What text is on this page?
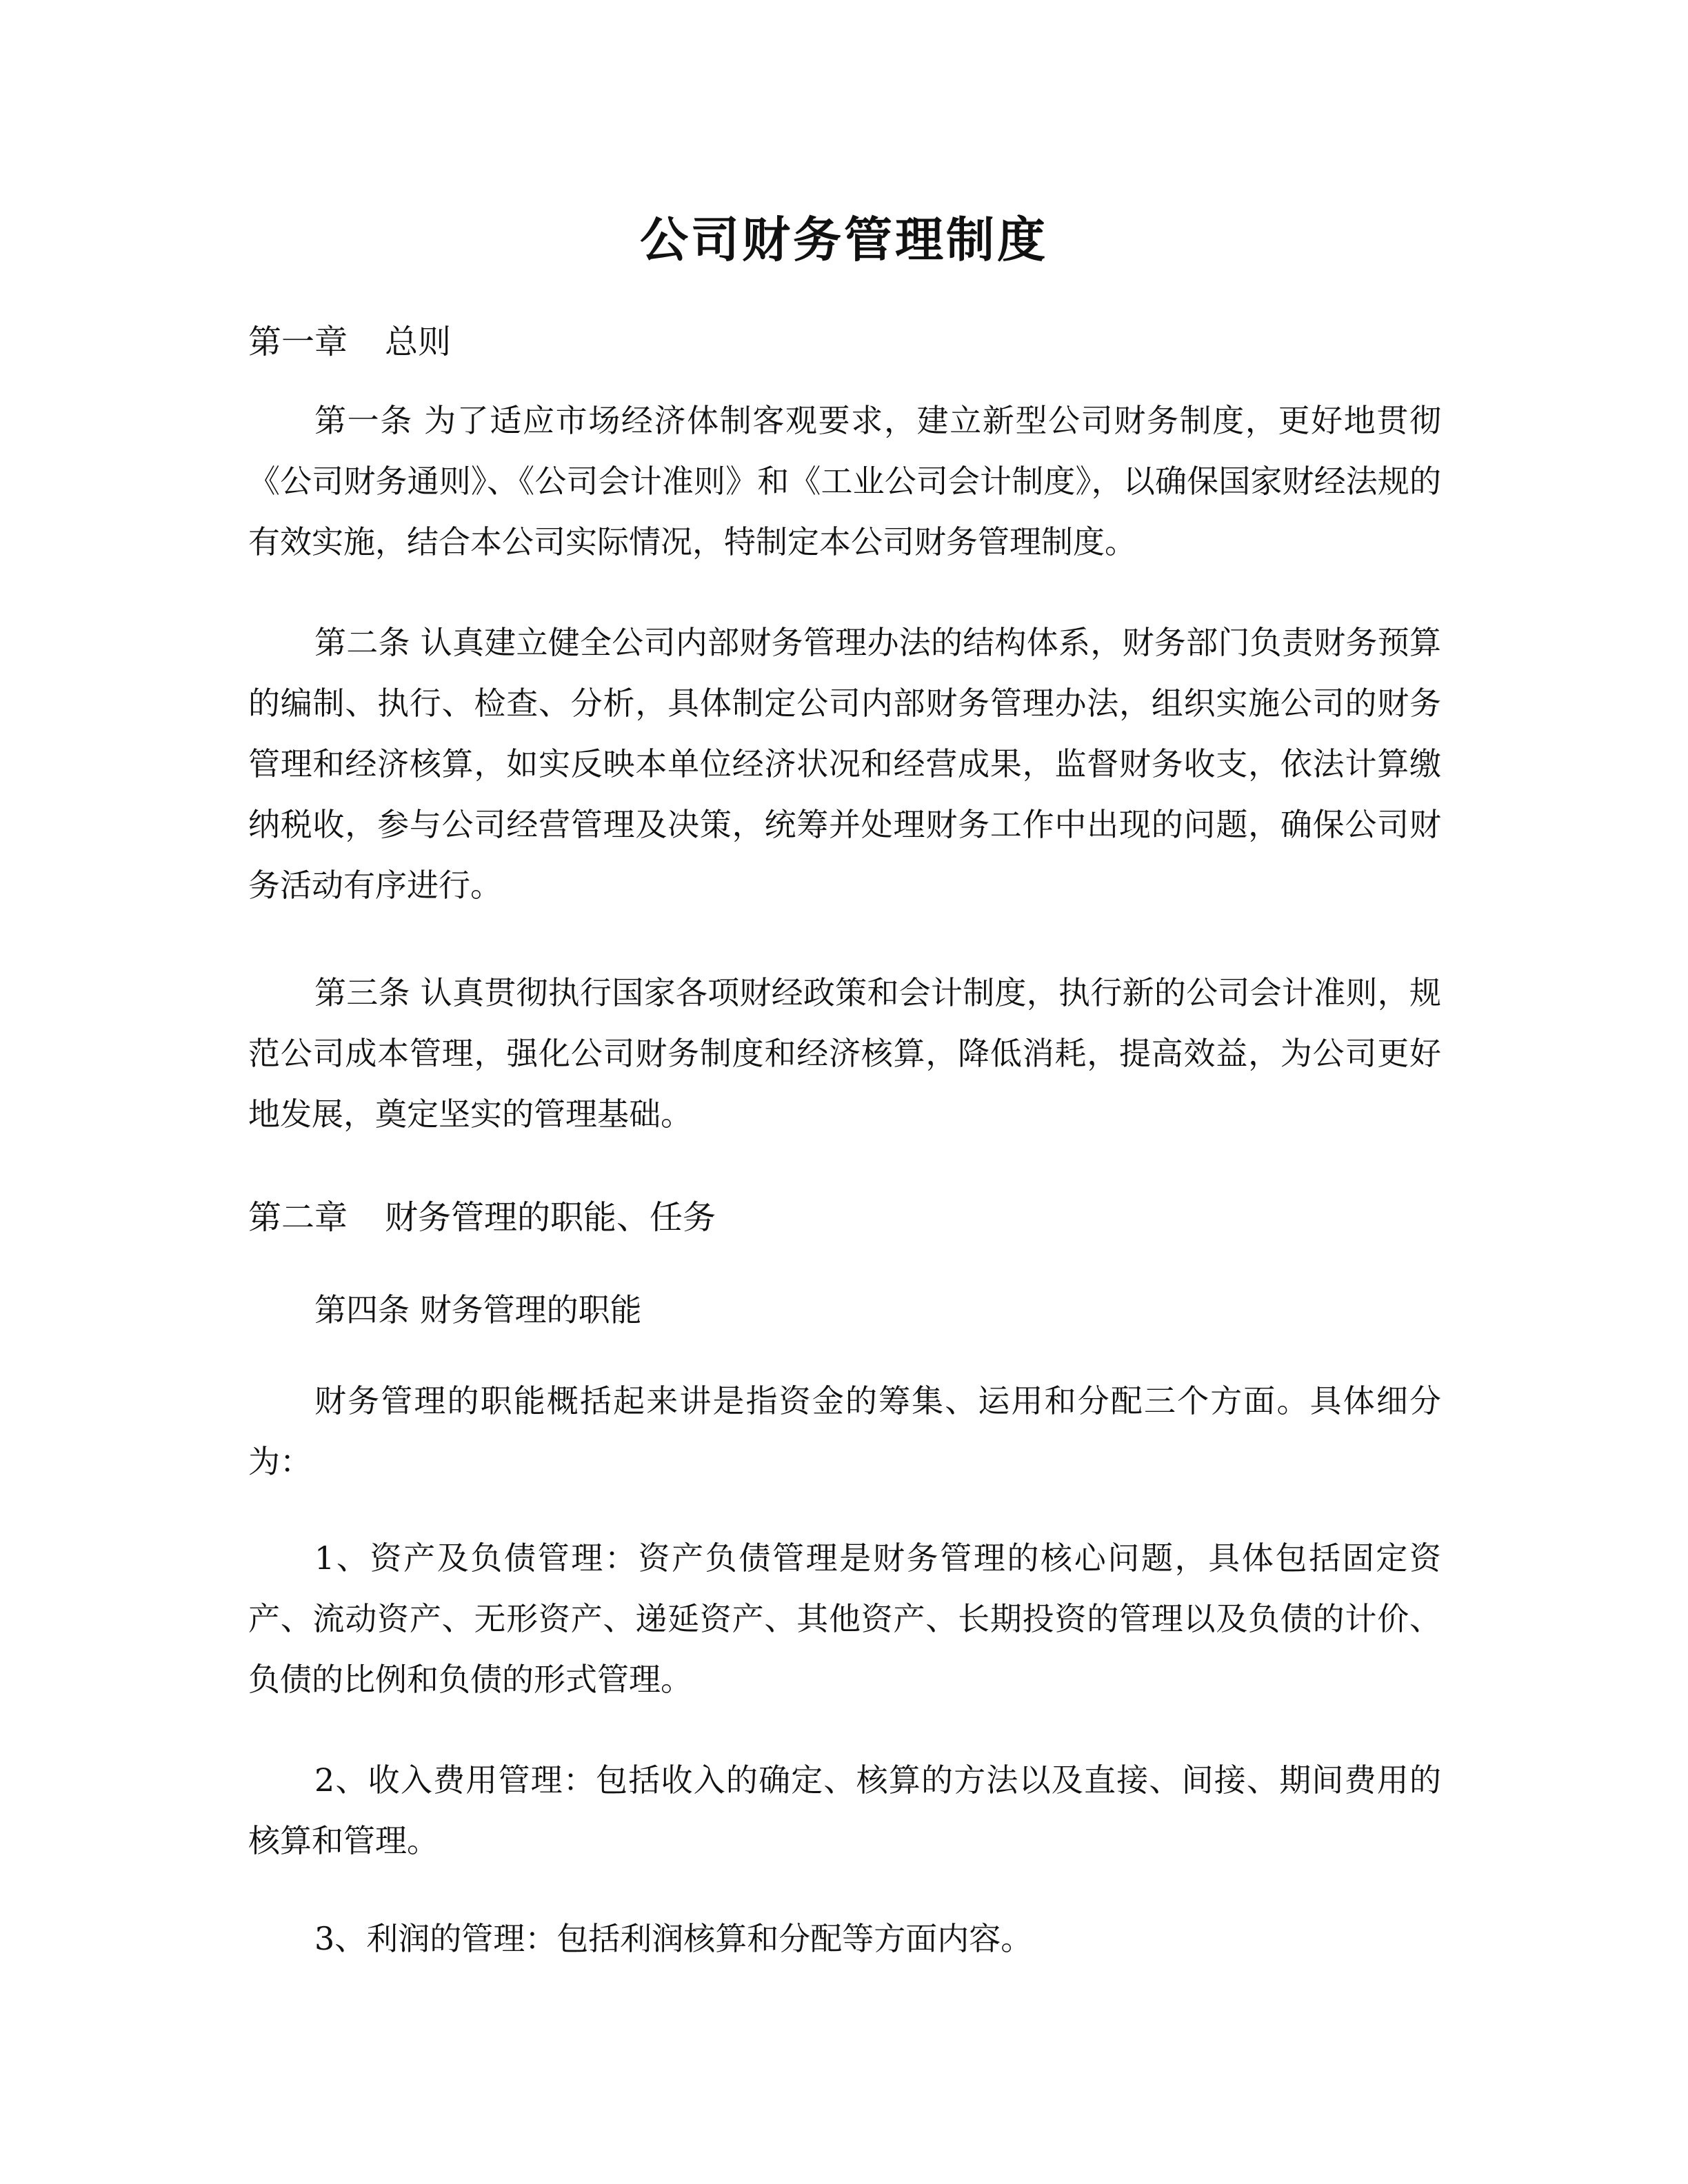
公司财务管理制度
第一章 总则

第一条 为了适应市场经济体制客观要求，建立新型公司财务制度，更好地贯彻《公司财务通则》、《公司会计准则》和《工业公司会计制度》，以确保国家财经法规的有效实施，结合本公司实际情况，特制定本公司财务管理制度。

第二条 认真建立健全公司内部财务管理办法的结构体系，财务部门负责财务预算的编制、执行、检查、分析，具体制定公司内部财务管理办法，组织实施公司的财务管理和经济核算，如实反映本单位经济状况和经营成果，监督财务收支，依法计算缴纳税收，参与公司经营管理及决策，统筹并处理财务工作中出现的问题，确保公司财务活动有序进行。

第三条 认真贯彻执行国家各项财经政策和会计制度，执行新的公司会计准则，规范公司成本管理，强化公司财务制度和经济核算，降低消耗，提高效益，为公司更好地发展，奠定坚实的管理基础。

第二章 财务管理的职能、任务

第四条 财务管理的职能

财务管理的职能概括起来讲是指资金的筹集、运用和分配三个方面。具体细分为：

1、资产及负债管理：资产负债管理是财务管理的核心问题，具体包括固定资产、流动资产、无形资产、递延资产、其他资产、长期投资的管理以及负债的计价、负债的比例和负债的形式管理。

2、收入费用管理：包括收入的确定、核算的方法以及直接、间接、期间费用的核算和管理。

3、利润的管理：包括利润核算和分配等方面内容。
